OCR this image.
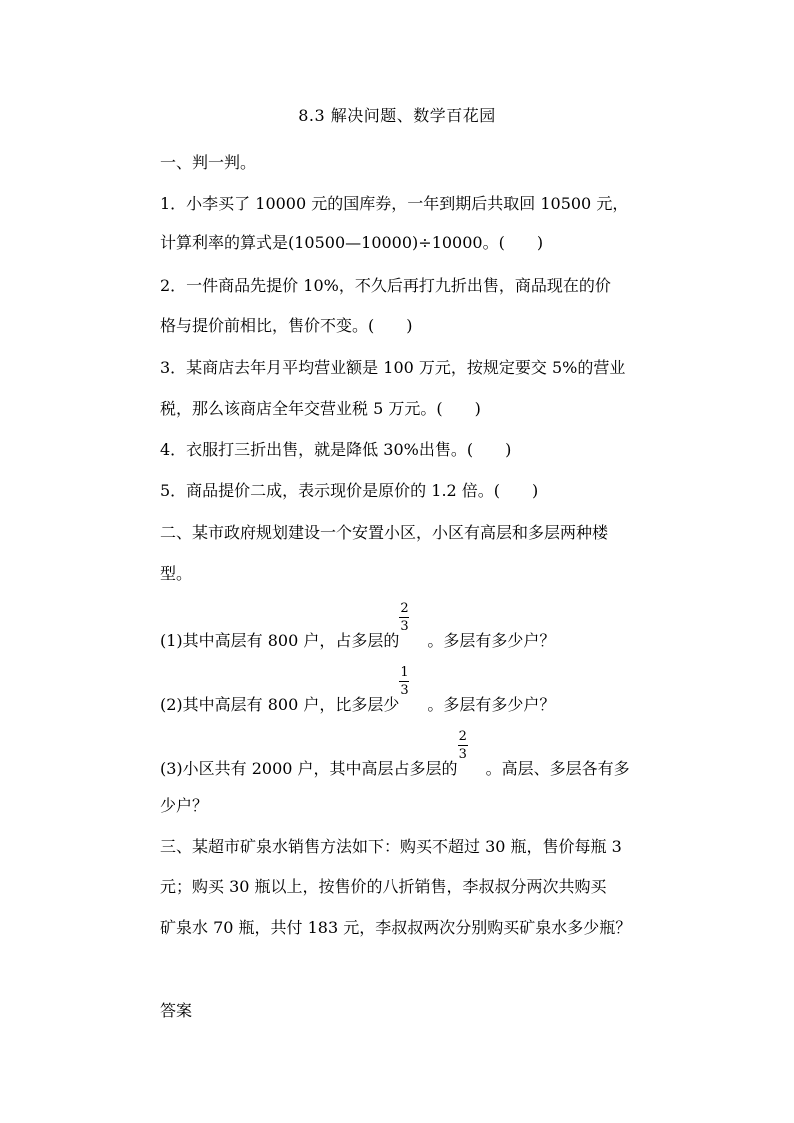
8.3 解决问题、数学百花园
一、判一判。
1．小李买了 10000 元的国库券，一年到期后共取回 10500 元，
计算利率的算式是(10500—10000)÷10000。(　　)
2．一件商品先提价 10%，不久后再打九折出售，商品现在的价
格与提价前相比，售价不变。(　　)
3．某商店去年月平均营业额是 100 万元，按规定要交 5%的营业
税，那么该商店全年交营业税 5 万元。(　　)
4．衣服打三折出售，就是降低 30%出售。(　　)
5．商品提价二成，表示现价是原价的 1.2 倍。(　　)
二、某市政府规划建设一个安置小区，小区有高层和多层两种楼
型。
(1)其中高层有 800 户，占多层的 $\frac{2}{3}$ 　。多层有多少户？
(2)其中高层有 800 户，比多层少 $\frac{1}{3}$ 　。多层有多少户？
(3)小区共有 2000 户，其中高层占多层的 $\frac{2}{3}$ 　。高层、多层各有多
少户？
三、某超市矿泉水销售方法如下：购买不超过 30 瓶，售价每瓶 3
元；购买 30 瓶以上，按售价的八折销售，李叔叔分两次共购买
矿泉水 70 瓶，共付 183 元，李叔叔两次分别购买矿泉水多少瓶？
答案
